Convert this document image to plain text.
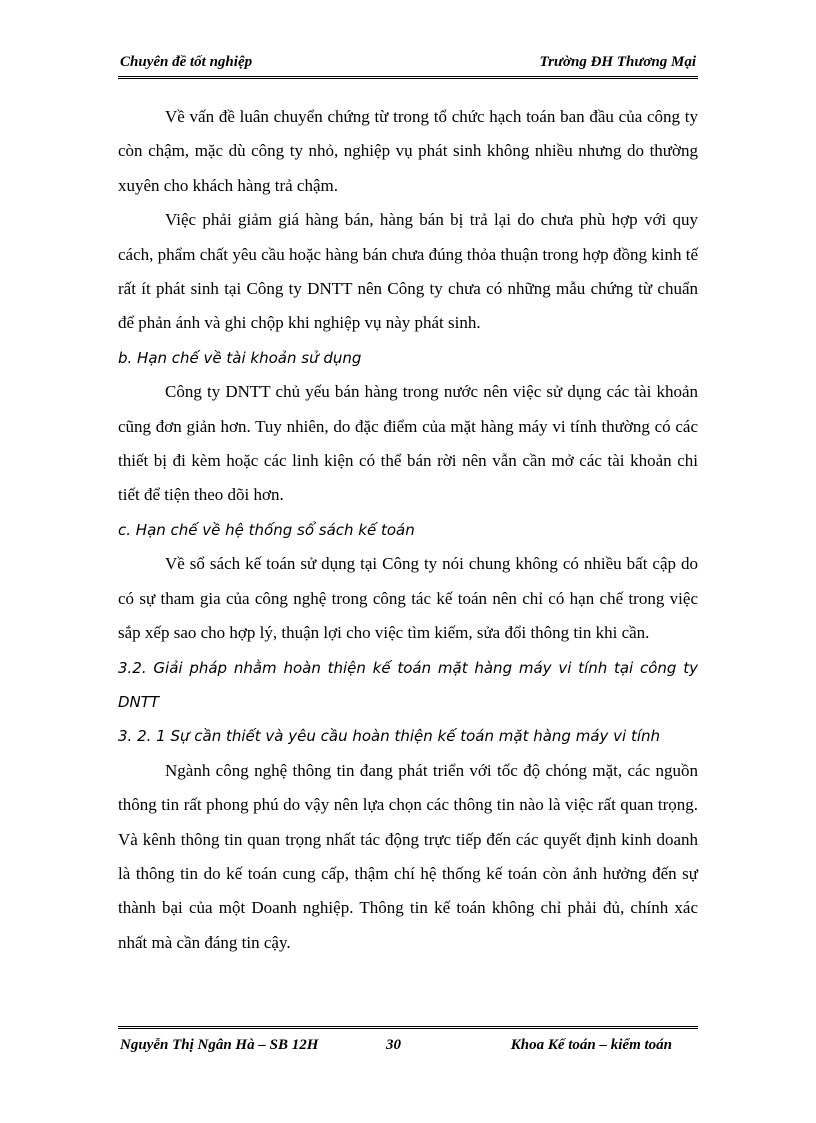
Chuyên đề tốt nghiệp	Trường ĐH Thương Mại

Về vấn đề luân chuyển chứng từ trong tổ chức hạch toán ban đầu của công ty còn chậm, mặc dù công ty nhỏ, nghiệp vụ phát sinh không nhiều nhưng do thường xuyên cho khách hàng trả chậm.

Việc phải giảm giá hàng bán, hàng bán bị trả lại do chưa phù hợp với quy cách, phẩm chất yêu cầu hoặc hàng bán chưa đúng thỏa thuận trong hợp đồng kinh tế rất ít phát sinh tại Công ty DNTT nên Công ty chưa có những mẫu chứng từ chuẩn để phản ánh và ghi chộp khi nghiệp vụ này phát sinh.

b. Hạn chế về tài khoản sử dụng

Công ty DNTT chủ yếu bán hàng trong nước nên việc sử dụng các tài khoản cũng đơn giản hơn. Tuy nhiên, do đặc điểm của mặt hàng máy vi tính thường có các thiết bị đi kèm hoặc các linh kiện có thể bán rời nên vẫn cần mở các tài khoản chi tiết để tiện theo dõi hơn.

c. Hạn chế về hệ thống sổ sách kế toán

Về sổ sách kế toán sử dụng tại Công ty nói chung không có nhiều bất cập do có sự tham gia của công nghệ trong công tác kế toán nên chỉ có hạn chế trong việc sắp xếp sao cho hợp lý, thuận lợi cho việc tìm kiếm, sửa đổi thông tin khi cần.

3.2. Giải pháp nhằm hoàn thiện kế toán mặt hàng máy vi tính tại công ty DNTT

3. 2. 1 Sự cần thiết và yêu cầu hoàn thiện kế toán mặt hàng máy vi tính

Ngành công nghệ thông tin đang phát triển với tốc độ chóng mặt, các nguồn thông tin rất phong phú do vậy nên lựa chọn các thông tin nào là việc rất quan trọng. Và kênh thông tin quan trọng nhất tác động trực tiếp đến các quyết định kinh doanh là thông tin do kế toán cung cấp, thậm chí hệ thống kế toán còn ảnh hưởng đến sự thành bại của một Doanh nghiệp. Thông tin kế toán không chỉ phải đủ, chính xác nhất mà cần đáng tin cậy.

Nguyễn Thị Ngân Hà – SB 12H	30	Khoa Kế toán – kiểm toán
